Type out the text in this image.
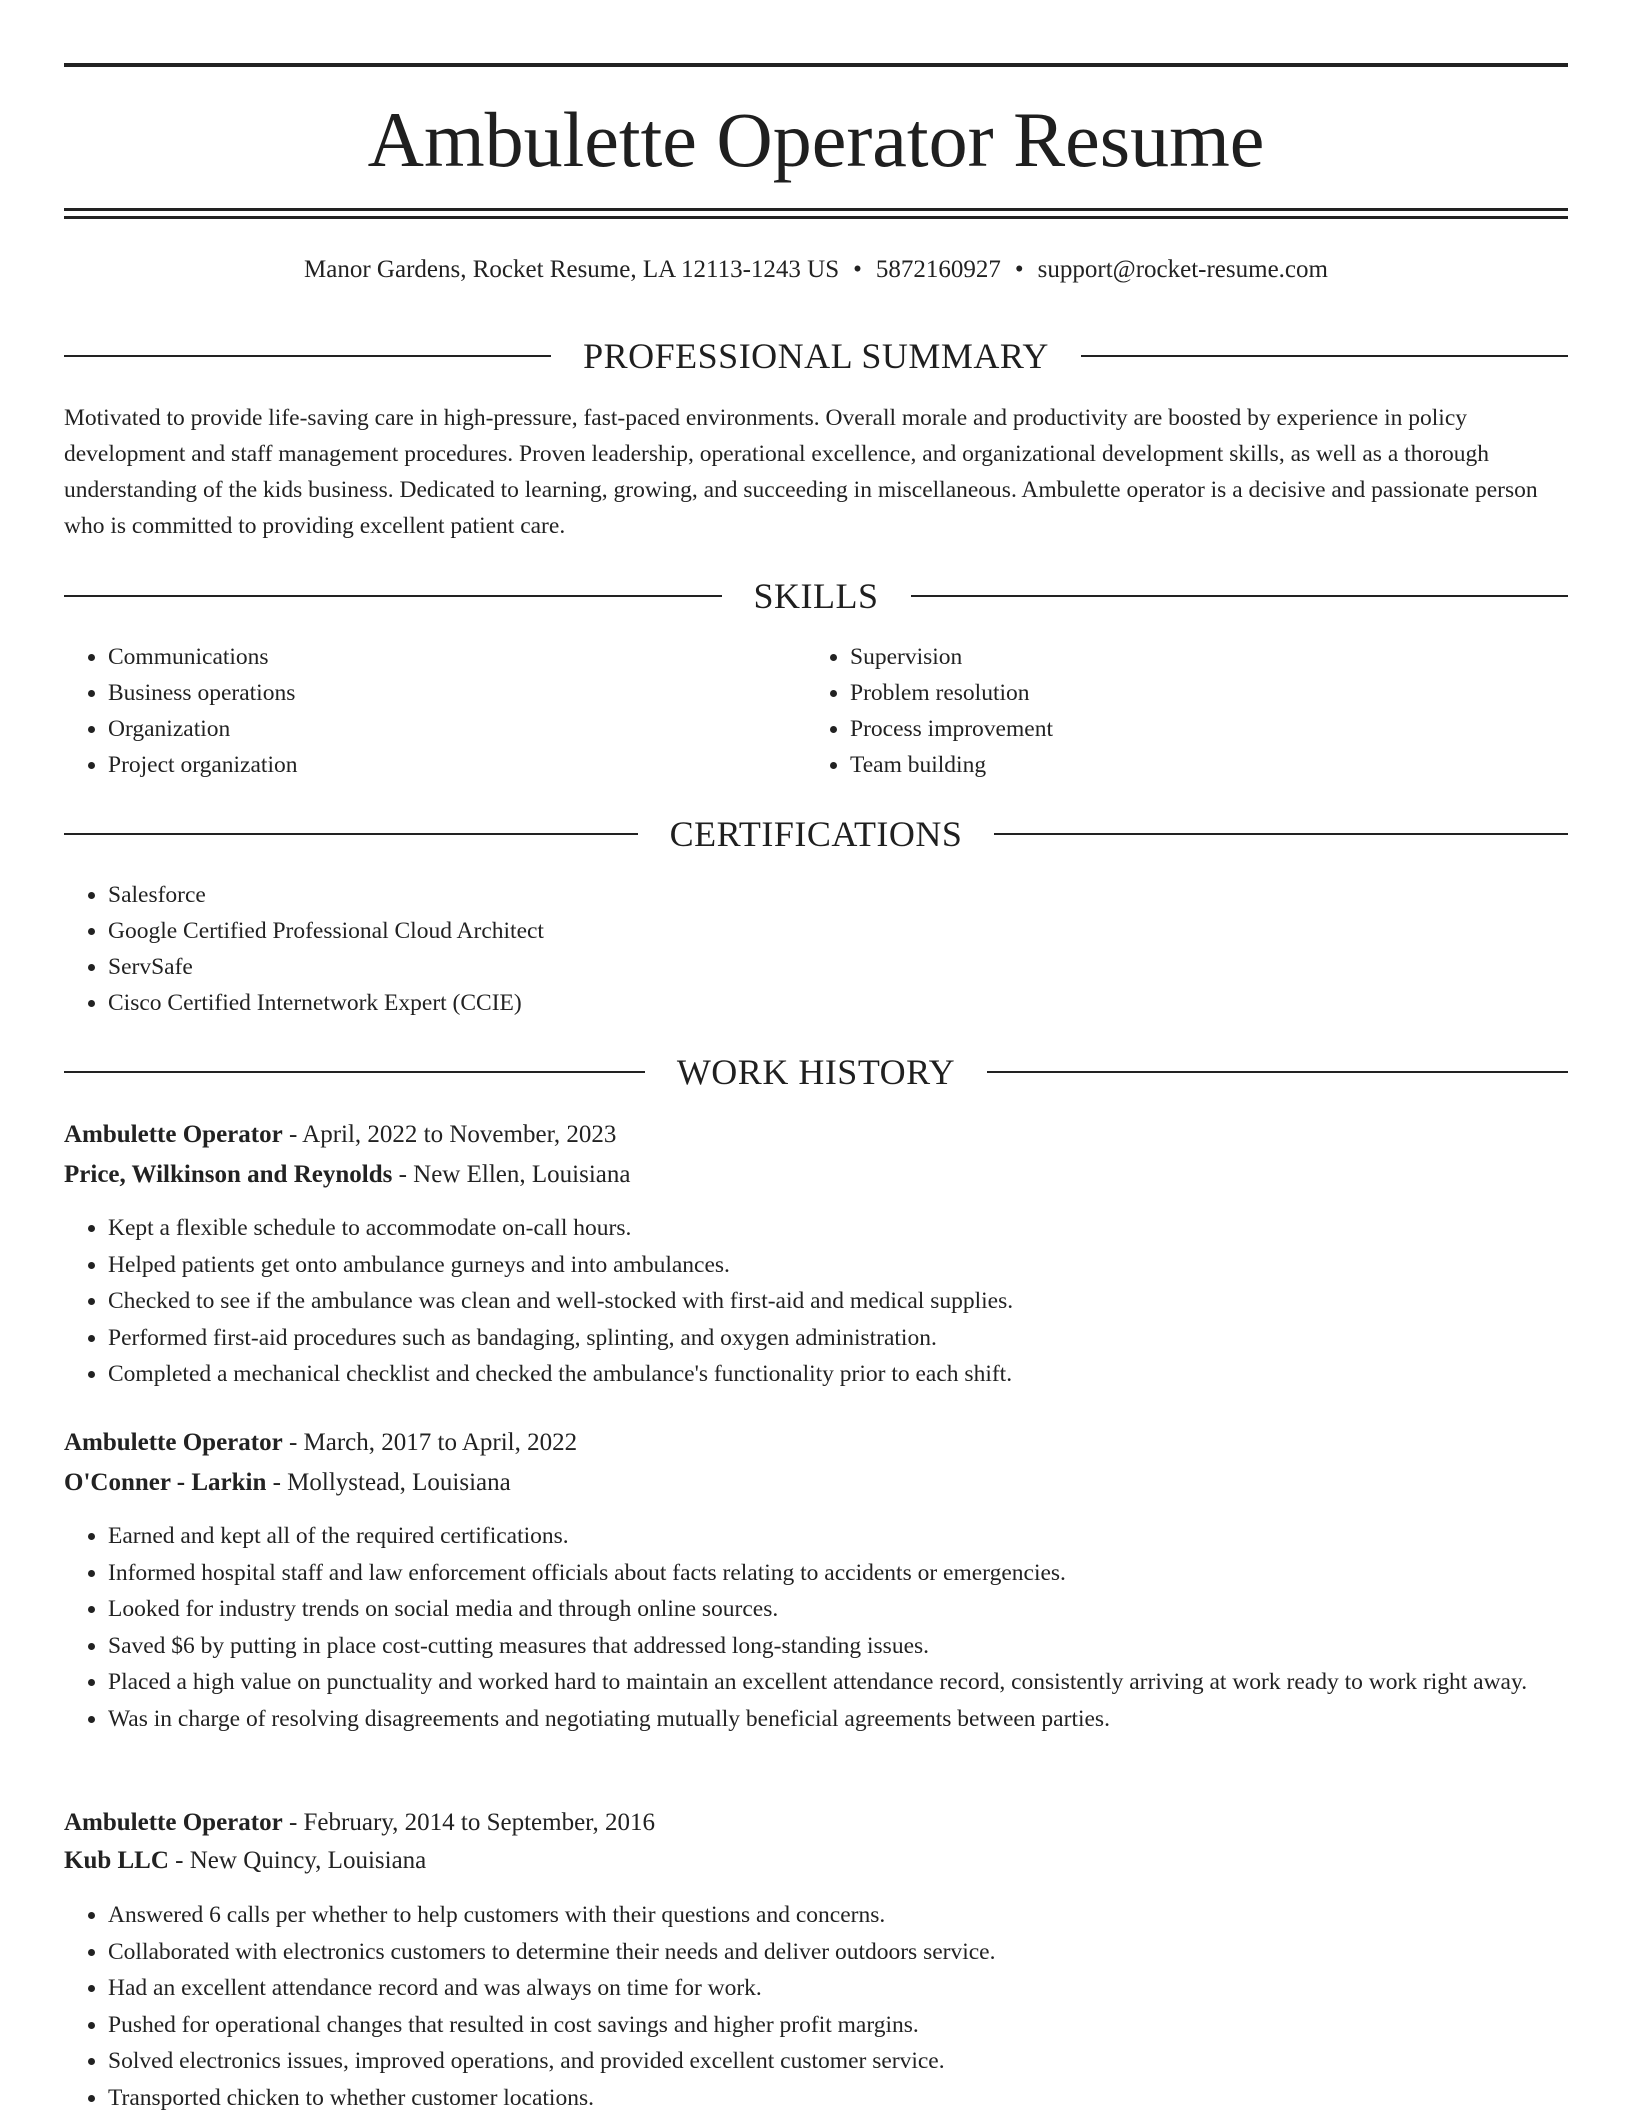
Ambulette Operator Resume

Manor Gardens, Rocket Resume, LA 12113-1243 US • 5872160927 • support@rocket-resume.com

PROFESSIONAL SUMMARY

Motivated to provide life-saving care in high-pressure, fast-paced environments. Overall morale and productivity are boosted by experience in policy development and staff management procedures. Proven leadership, operational excellence, and organizational development skills, as well as a thorough understanding of the kids business. Dedicated to learning, growing, and succeeding in miscellaneous. Ambulette operator is a decisive and passionate person who is committed to providing excellent patient care.

SKILLS
• Communications
• Business operations
• Organization
• Project organization
• Supervision
• Problem resolution
• Process improvement
• Team building
CERTIFICATIONS
• Salesforce
• Google Certified Professional Cloud Architect
• ServSafe
• Cisco Certified Internetwork Expert (CCIE)
WORK HISTORY

Ambulette Operator - April, 2022 to November, 2023

Price, Wilkinson and Reynolds - New Ellen, Louisiana

• Kept a flexible schedule to accommodate on-call hours.
• Helped patients get onto ambulance gurneys and into ambulances.
• Checked to see if the ambulance was clean and well-stocked with first-aid and medical supplies.
• Performed first-aid procedures such as bandaging, splinting, and oxygen administration.
• Completed a mechanical checklist and checked the ambulance's functionality prior to each shift.

Ambulette Operator - March, 2017 to April, 2022

O'Conner - Larkin - Mollystead, Louisiana

• Earned and kept all of the required certifications.
• Informed hospital staff and law enforcement officials about facts relating to accidents or emergencies.
• Looked for industry trends on social media and through online sources.
• Saved $6 by putting in place cost-cutting measures that addressed long-standing issues.
• Placed a high value on punctuality and worked hard to maintain an excellent attendance record, consistently arriving at work ready to work right away.
• Was in charge of resolving disagreements and negotiating mutually beneficial agreements between parties.

Ambulette Operator - February, 2014 to September, 2016

Kub LLC - New Quincy, Louisiana

• Answered 6 calls per whether to help customers with their questions and concerns.
• Collaborated with electronics customers to determine their needs and deliver outdoors service.
• Had an excellent attendance record and was always on time for work.
• Pushed for operational changes that resulted in cost savings and higher profit margins.
• Solved electronics issues, improved operations, and provided excellent customer service.
• Transported chicken to whether customer locations.
